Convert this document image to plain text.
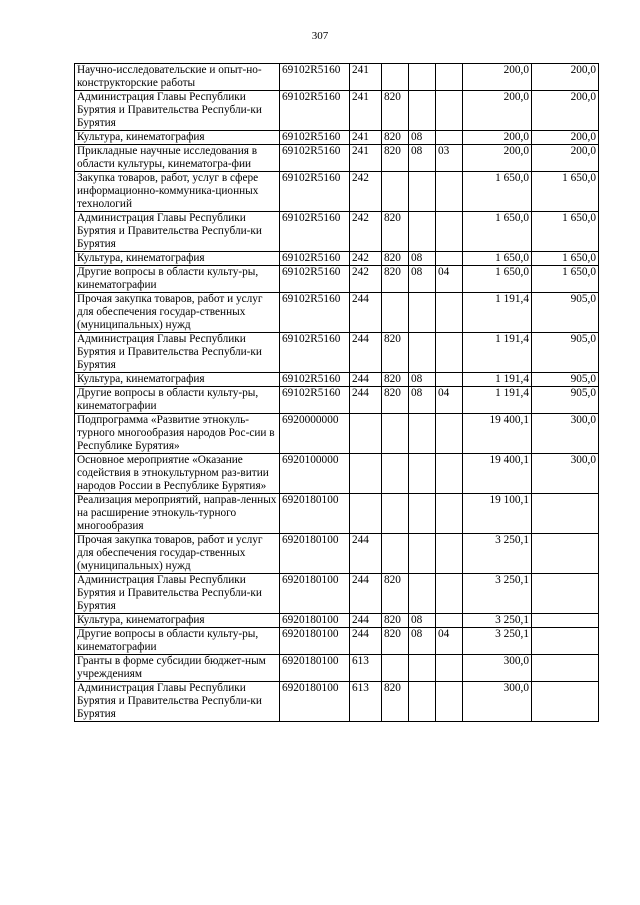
307
Научно-исследовательские и опыт-но-конструкторские работы	69102R5160	241				200,0	200,0
Администрация Главы Республики Бурятия и Правительства Республи-ки Бурятия	69102R5160	241	820			200,0	200,0
Культура, кинематография	69102R5160	241	820	08		200,0	200,0
Прикладные научные исследования в области культуры, кинематогра-фии	69102R5160	241	820	08	03	200,0	200,0
Закупка товаров, работ, услуг в сфере информационно-коммуника-ционных технологий	69102R5160	242				1 650,0	1 650,0
Администрация Главы Республики Бурятия и Правительства Республи-ки Бурятия	69102R5160	242	820			1 650,0	1 650,0
Культура, кинематография	69102R5160	242	820	08		1 650,0	1 650,0
Другие вопросы в области культу-ры, кинематографии	69102R5160	242	820	08	04	1 650,0	1 650,0
Прочая закупка товаров, работ и услуг для обеспечения государ-ственных (муниципальных) нужд	69102R5160	244				1 191,4	905,0
Администрация Главы Республики Бурятия и Правительства Республи-ки Бурятия	69102R5160	244	820			1 191,4	905,0
Культура, кинематография	69102R5160	244	820	08		1 191,4	905,0
Другие вопросы в области культу-ры, кинематографии	69102R5160	244	820	08	04	1 191,4	905,0
Подпрограмма «Развитие этнокуль-турного многообразия народов Рос-сии в Республике Бурятия»	6920000000					19 400,1	300,0
Основное мероприятие «Оказание содействия в этнокультурном раз-витии народов России в Республике Бурятия»	6920100000					19 400,1	300,0
Реализация мероприятий, направ-ленных на расширение этнокуль-турного многообразия	6920180100					19 100,1	
Прочая закупка товаров, работ и услуг для обеспечения государ-ственных (муниципальных) нужд	6920180100	244				3 250,1	
Администрация Главы Республики Бурятия и Правительства Республи-ки Бурятия	6920180100	244	820			3 250,1	
Культура, кинематография	6920180100	244	820	08		3 250,1	
Другие вопросы в области культу-ры, кинематографии	6920180100	244	820	08	04	3 250,1	
Гранты в форме субсидии бюджет-ным учреждениям	6920180100	613				300,0	
Администрация Главы Республики Бурятия и Правительства Республи-ки Бурятия	6920180100	613	820			300,0	
